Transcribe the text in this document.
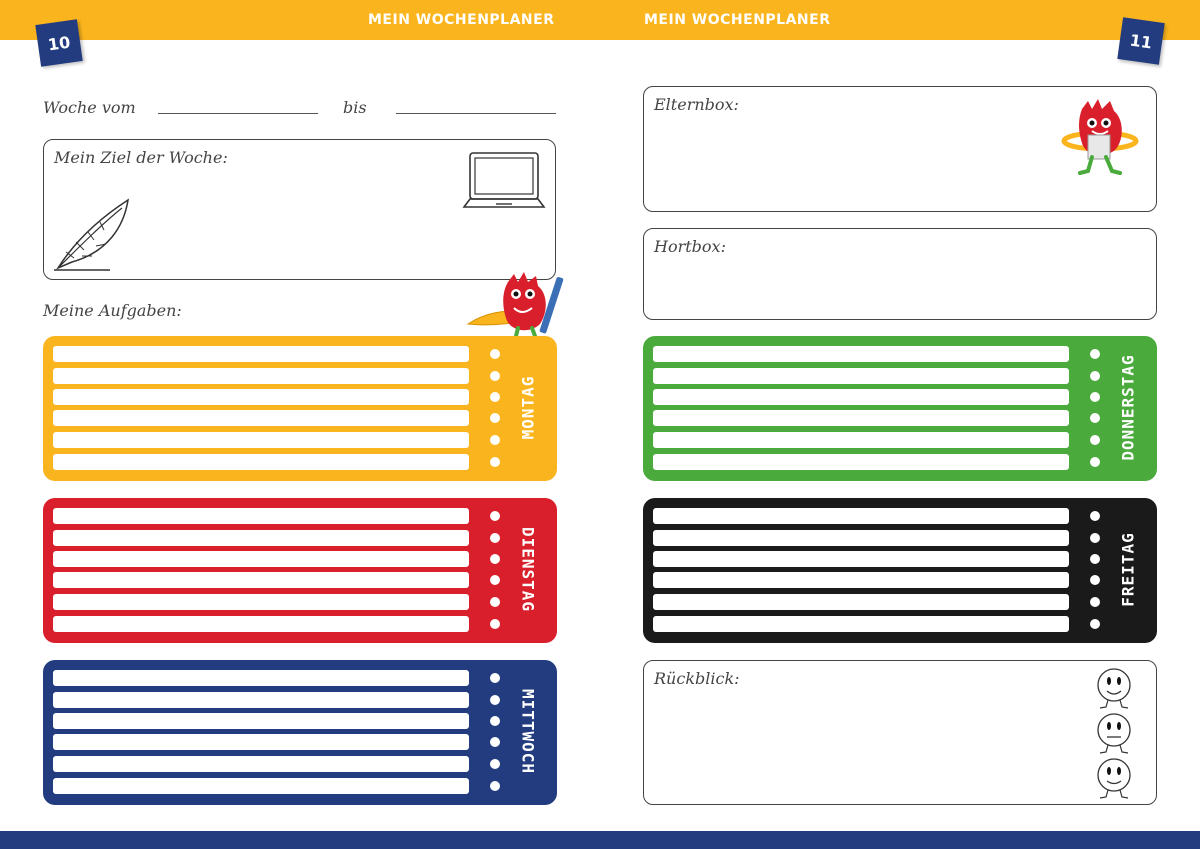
MEIN WOCHENPLANER	MEIN WOCHENPLANER
10	11
Woche vom	bis
Mein Ziel der Woche:
Meine Aufgaben:
MONTAG
DIENSTAG
MITTWOCH
Elternbox:
Hortbox:
DONNERSTAG
FREITAG
Rückblick:
